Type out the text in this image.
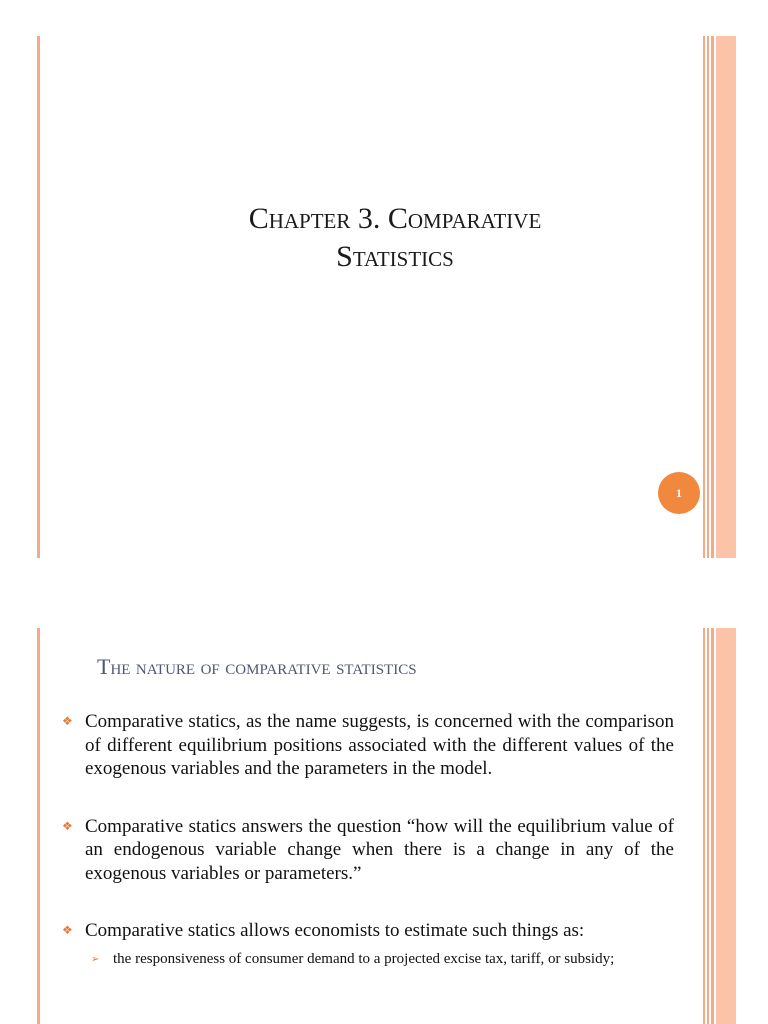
Chapter 3. Comparative
Statistics
1
The nature of comparative statistics
❖ Comparative statics, as the name suggests, is concerned with the comparison of different equilibrium positions associated with the different values of the exogenous variables and the parameters in the model.
❖ Comparative statics answers the question “how will the equilibrium value of an endogenous variable change when there is a change in any of the exogenous variables or parameters.”
❖ Comparative statics allows economists to estimate such things as:
➢ the responsiveness of consumer demand to a projected excise tax, tariff, or subsidy;
